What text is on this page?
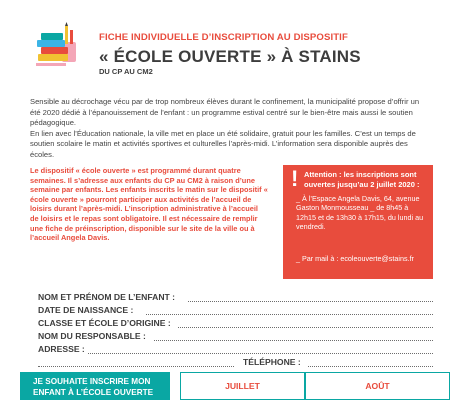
FICHE INDIVIDUELLE D’INSCRIPTION AU DISPOSITIF
« ÉCOLE OUVERTE » À STAINS
DU CP AU CM2

Sensible au décrochage vécu par de trop nombreux élèves durant le confinement, la municipalité propose d’offrir un été 2020 dédié à l’épanouissement de l’enfant : un programme estival centré sur le bien-être mais aussi le soutien pédagogique.

En lien avec l’Éducation nationale, la ville met en place un été solidaire, gratuit pour les familles. C’est un temps de soutien scolaire le matin et activités sportives et culturelles l’après-midi. L’information sera disponible auprès des écoles.

Le dispositif « école ouverte » est programmé durant quatre semaines. Il s’adresse aux enfants du CP au CM2 à raison d’une semaine par enfants. Les enfants inscrits le matin sur le dispositif « école ouverte » pourront participer aux activités de l’accueil de loisirs durant l’après-midi. L’inscription administrative à l’accueil de loisirs et le repas sont obligatoire. Il est nécessaire de remplir une fiche de préinscription, disponible sur le site de la ville ou à l’accueil Angela Davis.
! Attention : les inscriptions sont ouvertes jusqu’au 2 juillet 2020 :
_ À l’Espace Angela Davis, 64, avenue Gaston Monmousseau _ de 8h45 à 12h15 et de 13h30 à 17h15, du lundi au vendredi.
_ Par mail à : ecoleouverte@stains.fr
NOM ET PRÉNOM DE L’ENFANT :
DATE DE NAISSANCE :
CLASSE ET ÉCOLE D’ORIGINE :
NOM DU RESPONSABLE :
ADRESSE :
JE SOUHAITE INSCRIRE MON
ENFANT À L’ÉCOLE OUVERTE
JUILLET	AOÛT
TÉLÉPHONE :
